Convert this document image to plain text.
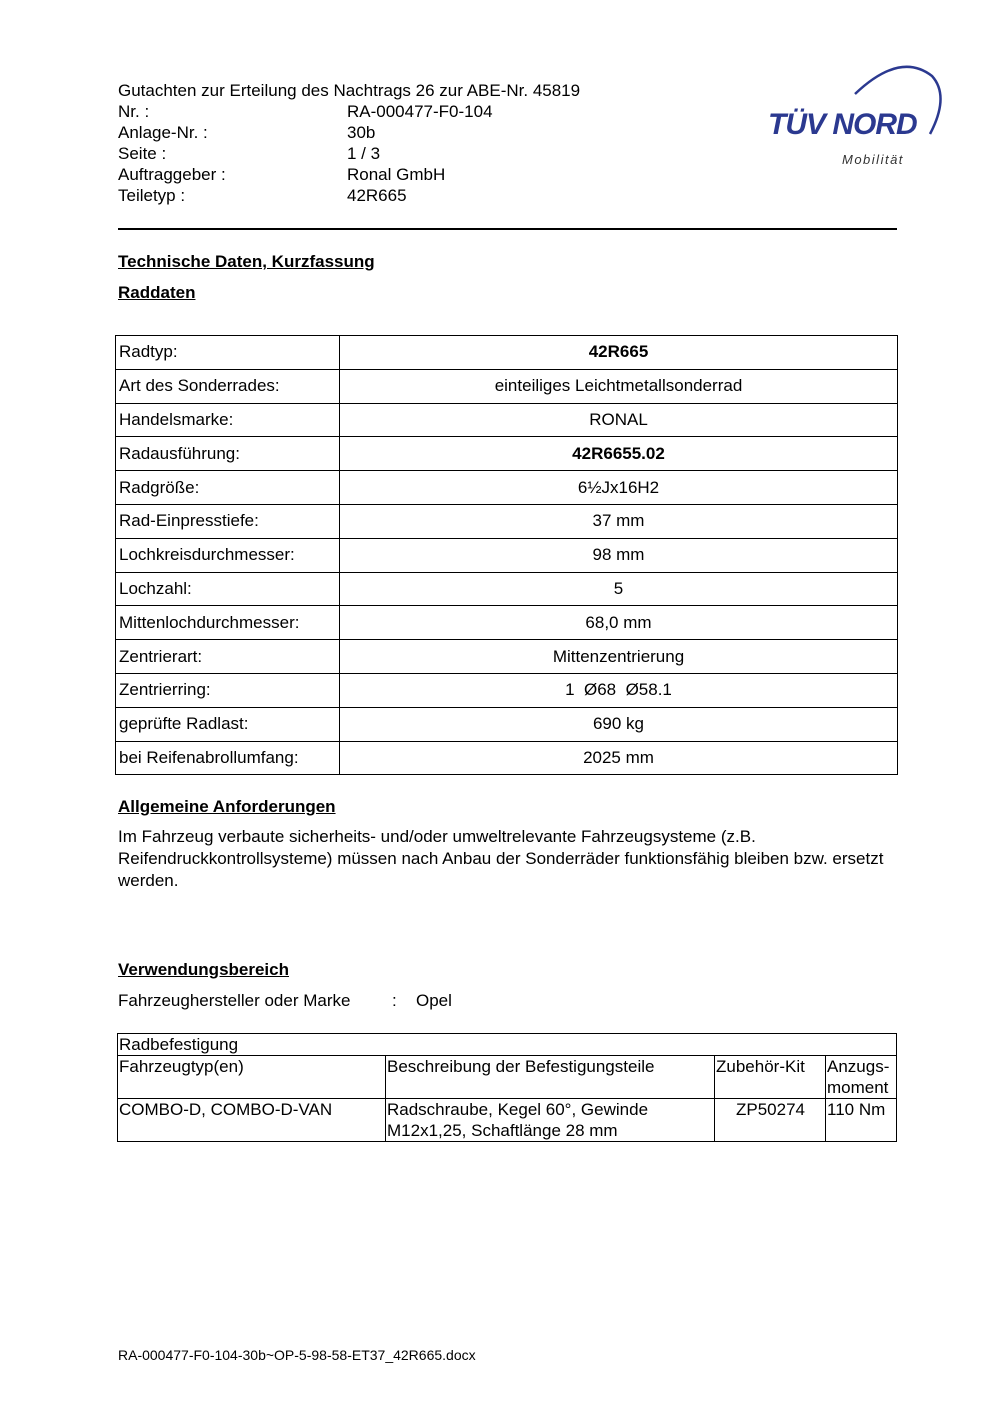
Gutachten zur Erteilung des Nachtrags 26 zur ABE-Nr. 45819
Nr. :	RA-000477-F0-104
Anlage-Nr. :	30b
Seite :	1 / 3
Auftraggeber :	Ronal GmbH
Teiletyp :	42R665
TÜV NORD
Mobilität
Technische Daten, Kurzfassung
Raddaten
Radtyp:	42R665
Art des Sonderrades:	einteiliges Leichtmetallsonderrad
Handelsmarke:	RONAL
Radausführung:	42R6655.02
Radgröße:	6½Jx16H2
Rad-Einpresstiefe:	37 mm
Lochkreisdurchmesser:	98 mm
Lochzahl:	5
Mittenlochdurchmesser:	68,0 mm
Zentrierart:	Mittenzentrierung
Zentrierring:	1  Ø68  Ø58.1
geprüfte Radlast:	690 kg
bei Reifenabrollumfang:	2025 mm
Allgemeine Anforderungen
Im Fahrzeug verbaute sicherheits- und/oder umweltrelevante Fahrzeugsysteme (z.B. Reifendruckkontrollsysteme) müssen nach Anbau der Sonderräder funktionsfähig bleiben bzw. ersetzt werden.
Verwendungsbereich
Fahrzeughersteller oder Marke : Opel
Radbefestigung			
Fahrzeugtyp(en)	Beschreibung der Befestigungsteile	Zubehör-Kit	Anzugs-moment
COMBO-D, COMBO-D-VAN	Radschraube, Kegel 60°, Gewinde M12x1,25, Schaftlänge 28 mm	ZP50274	110 Nm
RA-000477-F0-104-30b~OP-5-98-58-ET37_42R665.docx
